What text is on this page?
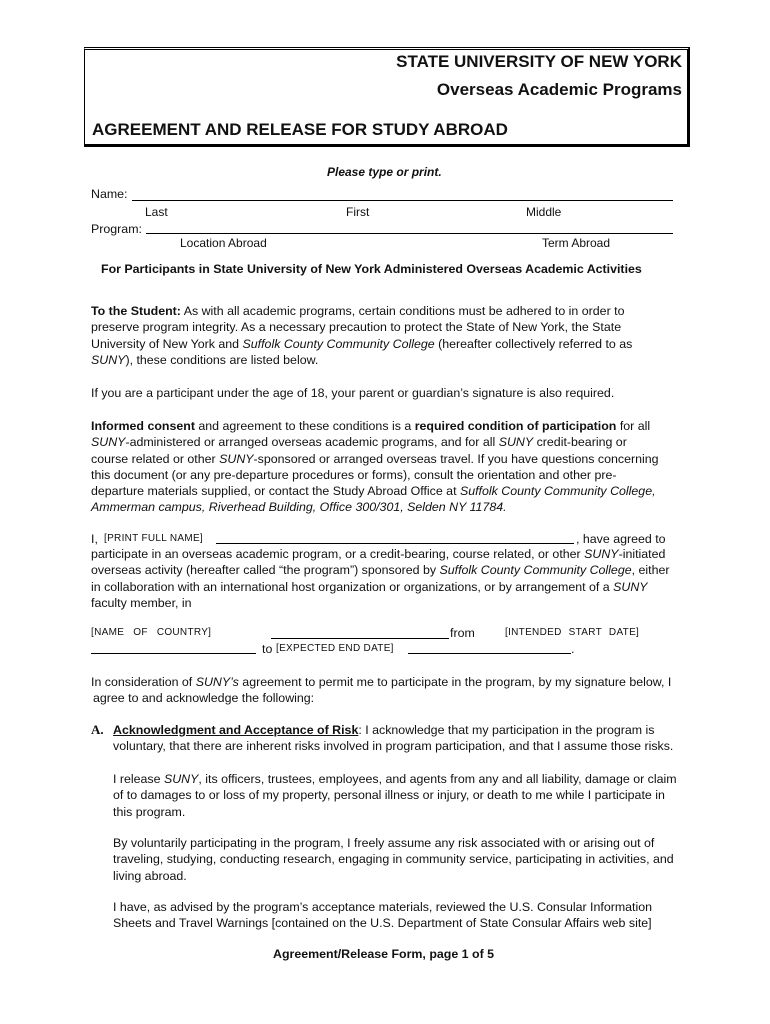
STATE UNIVERSITY OF NEW YORK
Overseas Academic Programs
AGREEMENT AND RELEASE FOR STUDY ABROAD
Please type or print.
Name:
Last	First	Middle
Program:
Location Abroad	Term Abroad
For Participants in State University of New York Administered Overseas Academic Activities
To the Student: As with all academic programs, certain conditions must be adhered to in order to
preserve program integrity. As a necessary precaution to protect the State of New York, the State
University of New York and Suffolk County Community College (hereafter collectively referred to as
SUNY), these conditions are listed below.
If you are a participant under the age of 18, your parent or guardian’s signature is also required.
Informed consent and agreement to these conditions is a required condition of participation for all
SUNY-administered or arranged overseas academic programs, and for all SUNY credit-bearing or
course related or other SUNY-sponsored or arranged overseas travel. If you have questions concerning
this document (or any pre-departure procedures or forms), consult the orientation and other pre-
departure materials supplied, or contact the Study Abroad Office at Suffolk County Community College,
Ammerman campus, Riverhead Building, Office 300/301, Selden NY 11784.
I, [PRINT FULL NAME]	, have agreed to
participate in an overseas academic program, or a credit-bearing, course related, or other SUNY-initiated
overseas activity (hereafter called “the program”) sponsored by Suffolk County Community College, either
in collaboration with an international host organization or organizations, or by arrangement of a SUNY
faculty member, in
[NAME OF COUNTRY]	from	[INTENDED START DATE]
to [EXPECTED END DATE]	.
In consideration of SUNY’s agreement to permit me to participate in the program, by my signature below, I
agree to and acknowledge the following:
A. Acknowledgment and Acceptance of Risk: I acknowledge that my participation in the program is
voluntary, that there are inherent risks involved in program participation, and that I assume those risks.
I release SUNY, its officers, trustees, employees, and agents from any and all liability, damage or claim
of to damages to or loss of my property, personal illness or injury, or death to me while I participate in
this program.
By voluntarily participating in the program, I freely assume any risk associated with or arising out of
traveling, studying, conducting research, engaging in community service, participating in activities, and
living abroad.
I have, as advised by the program’s acceptance materials, reviewed the U.S. Consular Information
Sheets and Travel Warnings [contained on the U.S. Department of State Consular Affairs web site]
Agreement/Release Form, page 1 of 5
